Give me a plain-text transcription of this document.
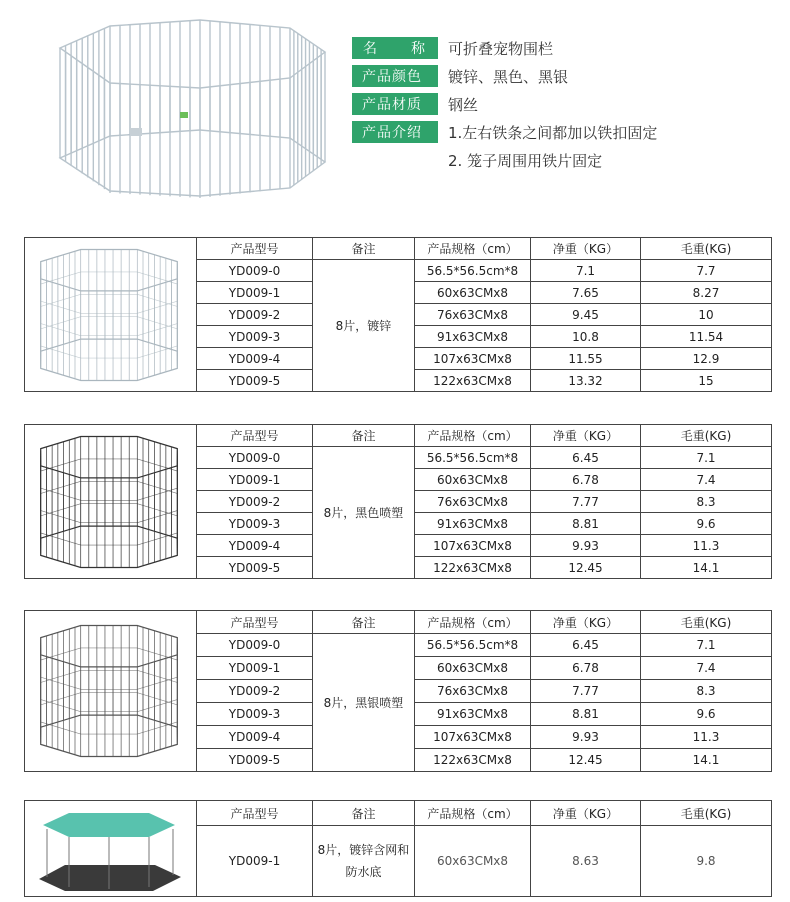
名　　称	可折叠宠物围栏
产品颜色	镀锌、黑色、黑银
产品材质	钢丝
产品介绍	1.左右铁条之间都加以铁扣固定
2. 笼子周围用铁片固定
	产品型号	备注	产品规格（cm）	净重（KG）	毛重(KG)
	YD009-0	8片，镀锌	56.5*56.5cm*8	7.1	7.7
	YD009-1		60x63CMx8	7.65	8.27
	YD009-2		76x63CMx8	9.45	10
	YD009-3		91x63CMx8	10.8	11.54
	YD009-4		107x63CMx8	11.55	12.9
	YD009-5		122x63CMx8	13.32	15
	产品型号	备注	产品规格（cm）	净重（KG）	毛重(KG)
	YD009-0	8片，黑色喷塑	56.5*56.5cm*8	6.45	7.1
	YD009-1		60x63CMx8	6.78	7.4
	YD009-2		76x63CMx8	7.77	8.3
	YD009-3		91x63CMx8	8.81	9.6
	YD009-4		107x63CMx8	9.93	11.3
	YD009-5		122x63CMx8	12.45	14.1
	产品型号	备注	产品规格（cm）	净重（KG）	毛重(KG)
	YD009-0	8片，黑银喷塑	56.5*56.5cm*8	6.45	7.1
	YD009-1		60x63CMx8	6.78	7.4
	YD009-2		76x63CMx8	7.77	8.3
	YD009-3		91x63CMx8	8.81	9.6
	YD009-4		107x63CMx8	9.93	11.3
	YD009-5		122x63CMx8	12.45	14.1
	产品型号	备注	产品规格（cm）	净重（KG）	毛重(KG)
	YD009-1	8片，镀锌含网和防水底	60x63CMx8	8.63	9.8
